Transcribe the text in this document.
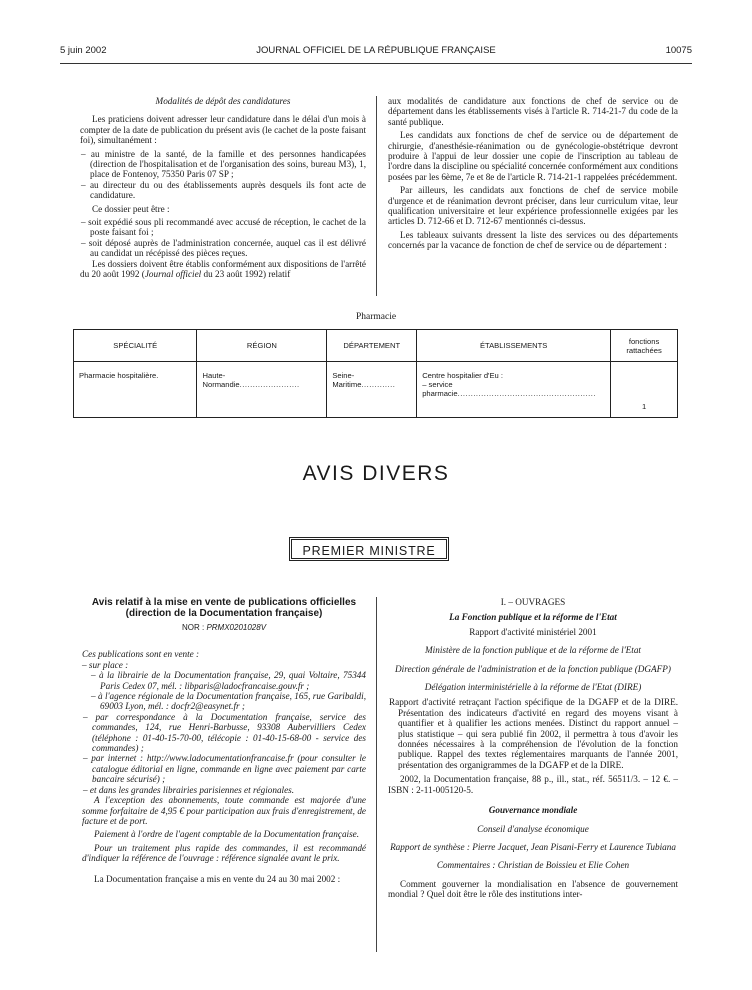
5 juin 2002	JOURNAL OFFICIEL DE LA RÉPUBLIQUE FRANÇAISE	10075

Modalités de dépôt des candidatures

Les praticiens doivent adresser leur candidature dans le délai d'un mois à compter de la date de publication du présent avis (le cachet de la poste faisant foi), simultanément :

– au ministre de la santé, de la famille et des personnes handicapées (direction de l'hospitalisation et de l'organisation des soins, bureau M3), 1, place de Fontenoy, 75350 Paris 07 SP ;

– au directeur du ou des établissements auprès desquels ils font acte de candidature.

Ce dossier peut être :

– soit expédié sous pli recommandé avec accusé de réception, le cachet de la poste faisant foi ;

– soit déposé auprès de l'administration concernée, auquel cas il est délivré au candidat un récépissé des pièces reçues.

Les dossiers doivent être établis conformément aux dispositions de l'arrêté du 20 août 1992 (Journal officiel du 23 août 1992) relatif

aux modalités de candidature aux fonctions de chef de service ou de département dans les établissements visés à l'article R. 714-21-7 du code de la santé publique.

Les candidats aux fonctions de chef de service ou de département de chirurgie, d'anesthésie-réanimation ou de gynécologie-obstétrique devront produire à l'appui de leur dossier une copie de l'inscription au tableau de l'ordre dans la discipline ou spécialité concernée conformément aux conditions posées par les 6ème, 7e et 8e de l'article R. 714-21-1 rappelées précédemment.

Par ailleurs, les candidats aux fonctions de chef de service mobile d'urgence et de réanimation devront préciser, dans leur curriculum vitae, leur qualification universitaire et leur expérience professionnelle exigées par les articles D. 712-66 et D. 712-67 mentionnés ci-dessus.

Les tableaux suivants dressent la liste des services ou des départements concernés par la vacance de fonction de chef de service ou de département :

Pharmacie
SPÉCIALITÉ	RÉGION	DÉPARTEMENT	ÉTABLISSEMENTS	fonctions rattachées
Pharmacie hospitalière.	Haute-Normandie.......................	Seine-Maritime.............	Centre hospitalier d'Eu :
– service pharmacie.....................................................	1
AVIS DIVERS
PREMIER MINISTRE

Avis relatif à la mise en vente de publications officielles (direction de la Documentation française)

NOR : PRMX0201028V

Ces publications sont en vente :

– sur place :

– à la librairie de la Documentation française, 29, quai Voltaire, 75344 Paris Cedex 07, mél. : libparis@ladocfrancaise.gouv.fr ;

– à l'agence régionale de la Documentation française, 165, rue Garibaldi, 69003 Lyon, mél. : docfr2@easynet.fr ;

– par correspondance à la Documentation française, service des commandes, 124, rue Henri-Barbusse, 93308 Aubervilliers Cedex (téléphone : 01-40-15-70-00, télécopie : 01-40-15-68-00 - service des commandes) ;

– par internet : http://www.ladocumentationfrancaise.fr (pour consulter le catalogue éditorial en ligne, commande en ligne avec paiement par carte bancaire sécurisé) ;

– et dans les grandes librairies parisiennes et régionales.

A l'exception des abonnements, toute commande est majorée d'une somme forfaitaire de 4,95 € pour participation aux frais d'enregistrement, de facture et de port.

Paiement à l'ordre de l'agent comptable de la Documentation française.

Pour un traitement plus rapide des commandes, il est recommandé d'indiquer la référence de l'ouvrage : référence signalée avant le prix.

La Documentation française a mis en vente du 24 au 30 mai 2002 :

I. – OUVRAGES

La Fonction publique et la réforme de l'Etat

Rapport d'activité ministériel 2001

Ministère de la fonction publique et de la réforme de l'Etat

Direction générale de l'administration et de la fonction publique (DGAFP)

Délégation interministérielle à la réforme de l'Etat (DIRE)

Rapport d'activité retraçant l'action spécifique de la DGAFP et de la DIRE. Présentation des indicateurs d'activité en regard des moyens visant à quantifier et à qualifier les actions menées. Distinct du rapport annuel – plus statistique – qui sera publié fin 2002, il permettra à tous d'avoir les données nécessaires à la compréhension de l'évolution de la fonction publique. Rappel des textes réglementaires marquants de l'année 2001, présentation des organigrammes de la DGAFP et de la DIRE.

2002, la Documentation française, 88 p., ill., stat., réf. 56511/3. – 12 €. – ISBN : 2-11-005120-5.

Gouvernance mondiale

Conseil d'analyse économique

Rapport de synthèse : Pierre Jacquet, Jean Pisani-Ferry et Laurence Tubiana

Commentaires : Christian de Boissieu et Elie Cohen

Comment gouverner la mondialisation en l'absence de gouvernement mondial ? Quel doit être le rôle des institutions inter-
